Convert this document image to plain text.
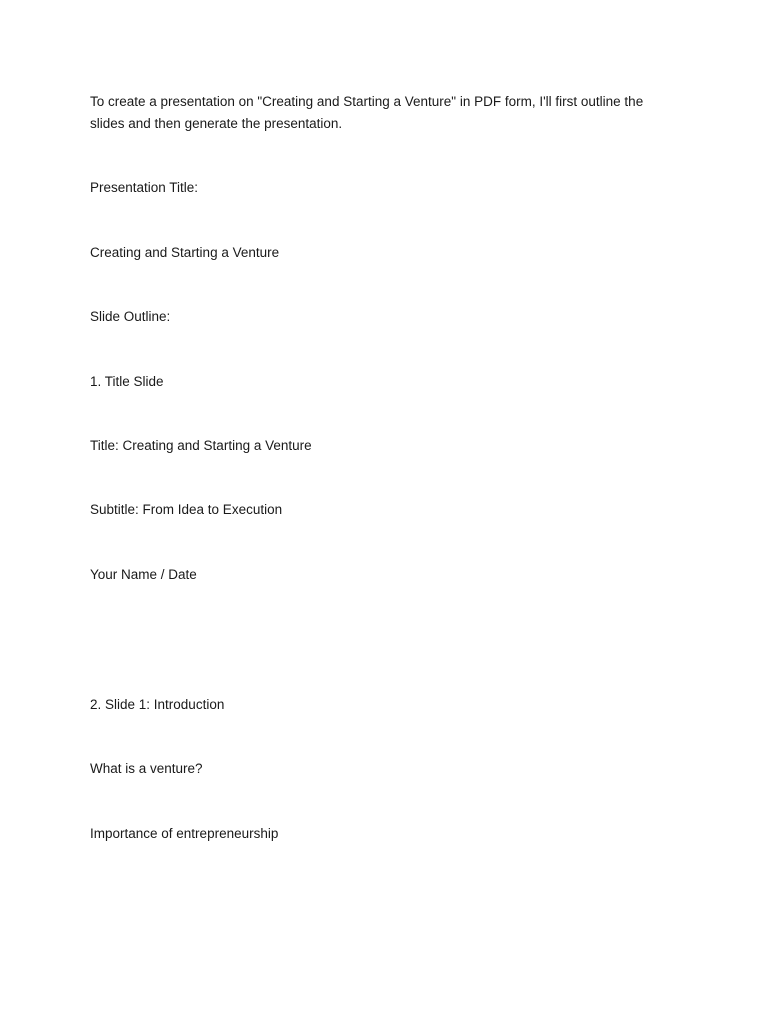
To create a presentation on "Creating and Starting a Venture" in PDF form, I'll first outline the slides and then generate the presentation.

Presentation Title:

Creating and Starting a Venture

Slide Outline:

1. Title Slide

Title: Creating and Starting a Venture

Subtitle: From Idea to Execution

Your Name / Date

2. Slide 1: Introduction

What is a venture?

Importance of entrepreneurship
